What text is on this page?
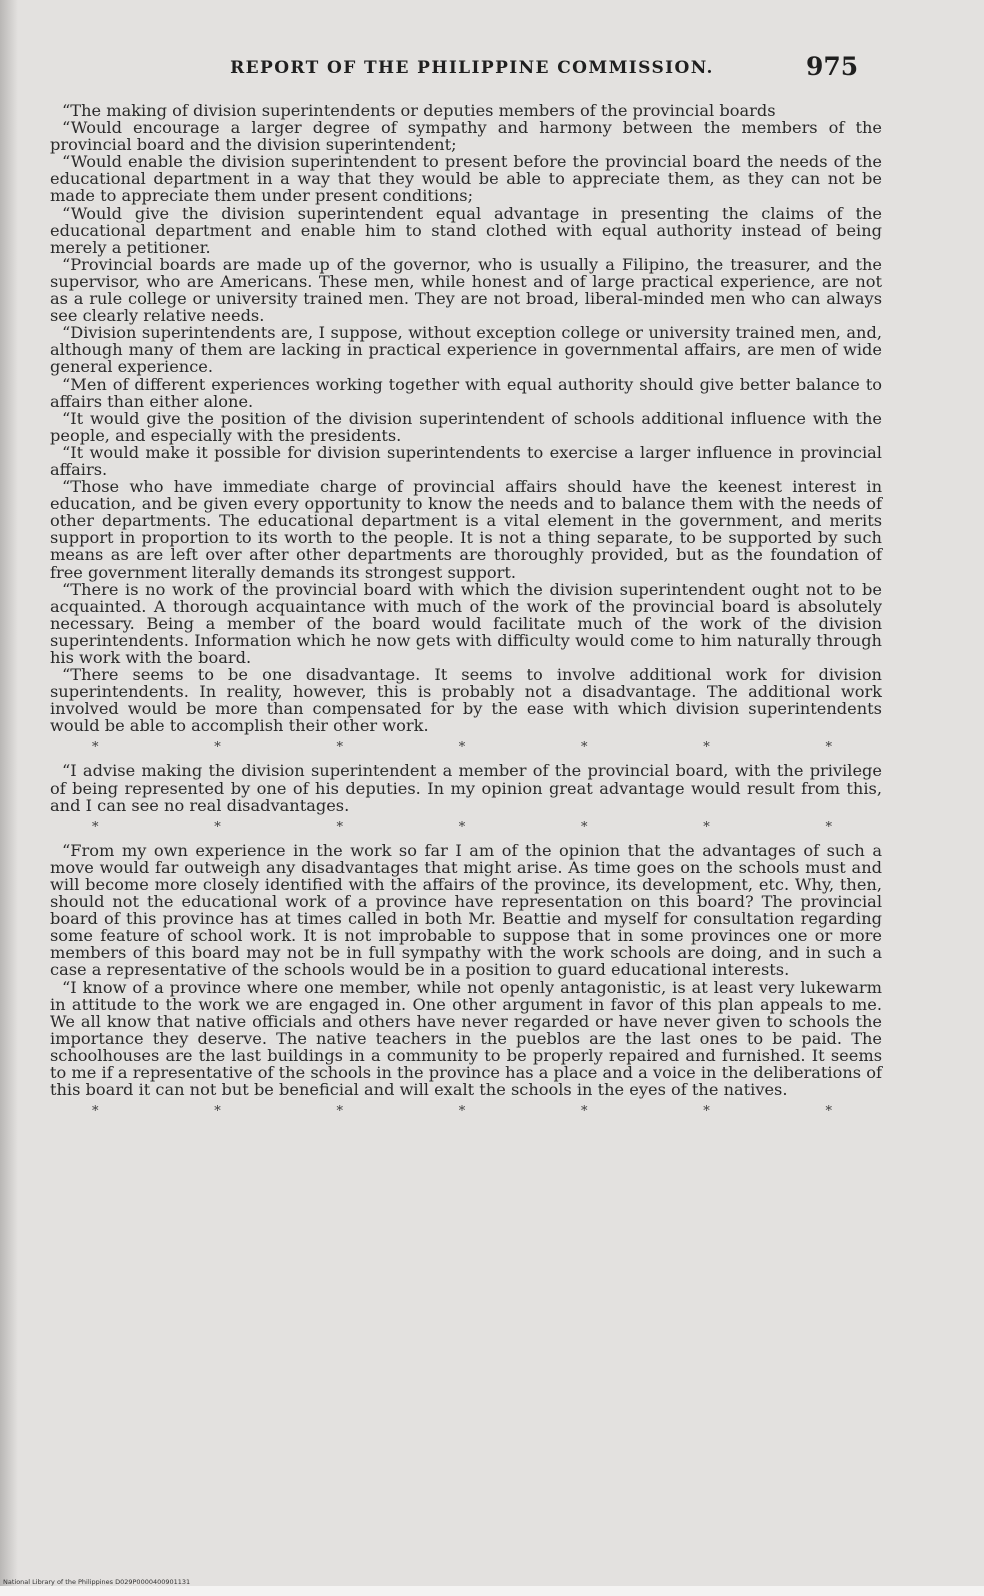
REPORT OF THE PHILIPPINE COMMISSION.	975

“The making of division superintendents or deputies members of the provincial boards

“Would encourage a larger degree of sympathy and harmony between the members of the provincial board and the division superintendent;

“Would enable the division superintendent to present before the provincial board the needs of the educational department in a way that they would be able to appreciate them, as they can not be made to appreciate them under present conditions;

“Would give the division superintendent equal advantage in presenting the claims of the educational department and enable him to stand clothed with equal authority instead of being merely a petitioner.

“Provincial boards are made up of the governor, who is usually a Filipino, the treasurer, and the supervisor, who are Americans. These men, while honest and of large practical experience, are not as a rule college or university trained men. They are not broad, liberal-minded men who can always see clearly relative needs.

“Division superintendents are, I suppose, without exception college or university trained men, and, although many of them are lacking in practical experience in governmental affairs, are men of wide general experience.

“Men of different experiences working together with equal authority should give better balance to affairs than either alone.

“It would give the position of the division superintendent of schools additional influence with the people, and especially with the presidents.

“It would make it possible for division superintendents to exercise a larger influence in provincial affairs.

“Those who have immediate charge of provincial affairs should have the keenest interest in education, and be given every opportunity to know the needs and to balance them with the needs of other departments. The educational department is a vital element in the government, and merits support in proportion to its worth to the people. It is not a thing separate, to be supported by such means as are left over after other departments are thoroughly provided, but as the foundation of free government literally demands its strongest support.

“There is no work of the provincial board with which the division superintendent ought not to be acquainted. A thorough acquaintance with much of the work of the provincial board is absolutely necessary. Being a member of the board would facilitate much of the work of the division superintendents. Information which he now gets with difficulty would come to him naturally through his work with the board.

“There seems to be one disadvantage. It seems to involve additional work for division superintendents. In reality, however, this is probably not a disadvantage. The additional work involved would be more than compensated for by the ease with which division superintendents would be able to accomplish their other work.

*	*	*	*	*	*	*

“I advise making the division superintendent a member of the provincial board, with the privilege of being represented by one of his deputies. In my opinion great advantage would result from this, and I can see no real disadvantages.

*	*	*	*	*	*	*

“From my own experience in the work so far I am of the opinion that the advantages of such a move would far outweigh any disadvantages that might arise. As time goes on the schools must and will become more closely identified with the affairs of the province, its development, etc. Why, then, should not the educational work of a province have representation on this board? The provincial board of this province has at times called in both Mr. Beattie and myself for consultation regarding some feature of school work. It is not improbable to suppose that in some provinces one or more members of this board may not be in full sympathy with the work schools are doing, and in such a case a representative of the schools would be in a position to guard educational interests.

“I know of a province where one member, while not openly antagonistic, is at least very lukewarm in attitude to the work we are engaged in. One other argument in favor of this plan appeals to me. We all know that native officials and others have never regarded or have never given to schools the importance they deserve. The native teachers in the pueblos are the last ones to be paid. The schoolhouses are the last buildings in a community to be properly repaired and furnished. It seems to me if a representative of the schools in the province has a place and a voice in the deliberations of this board it can not but be beneficial and will exalt the schools in the eyes of the natives.

*	*	*	*	*	*	*
National Library of the Philippines D029P0000400901131
